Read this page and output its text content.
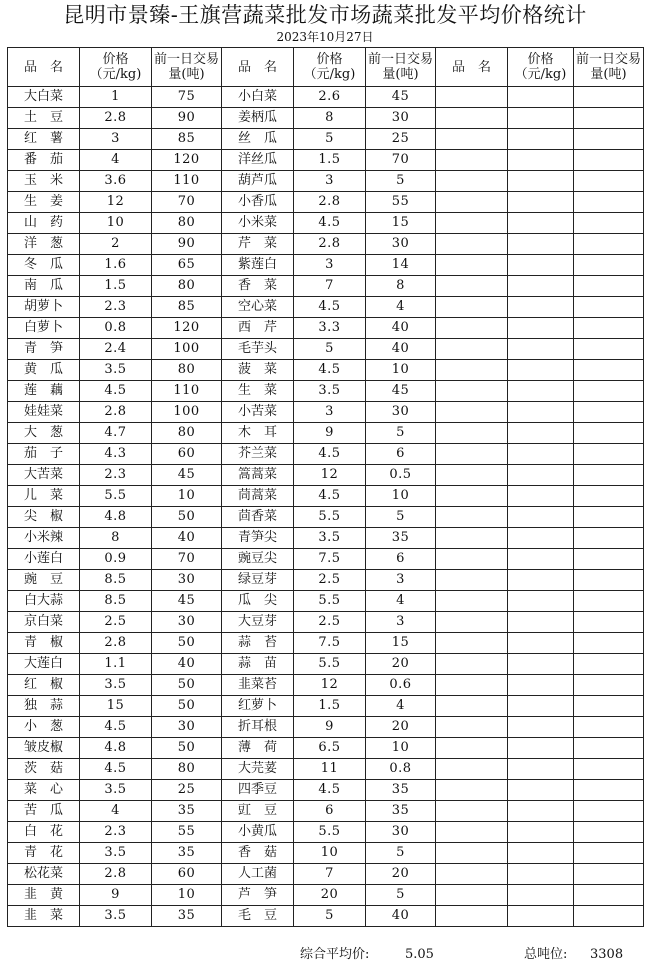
昆明市景臻-王旗营蔬菜批发市场蔬菜批发平均价格统计
2023年10月27日
品　名	价格（元/kg)	前一日交易量(吨)	品　名	价格（元/kg)	前一日交易量(吨)	品　名	价格（元/kg)	前一日交易量(吨)
大白菜	1	75	小白菜	2.6	45			
土　豆	2.8	90	姜柄瓜	8	30			
红　薯	3	85	丝　瓜	5	25			
番　茄	4	120	洋丝瓜	1.5	70			
玉　米	3.6	110	葫芦瓜	3	5			
生　姜	12	70	小香瓜	2.8	55			
山　药	10	80	小米菜	4.5	15			
洋　葱	2	90	芹　菜	2.8	30			
冬　瓜	1.6	65	紫莲白	3	14			
南　瓜	1.5	80	香　菜	7	8			
胡萝卜	2.3	85	空心菜	4.5	4			
白萝卜	0.8	120	西　芹	3.3	40			
青　笋	2.4	100	毛芋头	5	40			
黄　瓜	3.5	80	菠　菜	4.5	10			
莲　藕	4.5	110	生　菜	3.5	45			
娃娃菜	2.8	100	小苦菜	3	30			
大　葱	4.7	80	木　耳	9	5			
茄　子	4.3	60	芥兰菜	4.5	6			
大苦菜	2.3	45	篙蒿菜	12	0.5			
儿　菜	5.5	10	茼蒿菜	4.5	10			
尖　椒	4.8	50	茴香菜	5.5	5			
小米辣	8	40	青笋尖	3.5	35			
小莲白	0.9	70	豌豆尖	7.5	6			
豌　豆	8.5	30	绿豆芽	2.5	3			
白大蒜	8.5	45	瓜　尖	5.5	4			
京白菜	2.5	30	大豆芽	2.5	3			
青　椒	2.8	50	蒜　苔	7.5	15			
大莲白	1.1	40	蒜　苗	5.5	20			
红　椒	3.5	50	韭菜苔	12	0.6			
独　蒜	15	50	红萝卜	1.5	4			
小　葱	4.5	30	折耳根	9	20			
皱皮椒	4.8	50	薄　荷	6.5	10			
茨　菇	4.5	80	大芫荽	11	0.8			
菜　心	3.5	25	四季豆	4.5	35			
苦　瓜	4	35	豇　豆	6	35			
白　花	2.3	55	小黄瓜	5.5	30			
青　花	3.5	35	香　菇	10	5			
松花菜	2.8	60	人工菌	7	20			
韭　黄	9	10	芦　笋	20	5			
韭　菜	3.5	35	毛　豆	5	40			
综合平均价:	5.05	总吨位: 3308
